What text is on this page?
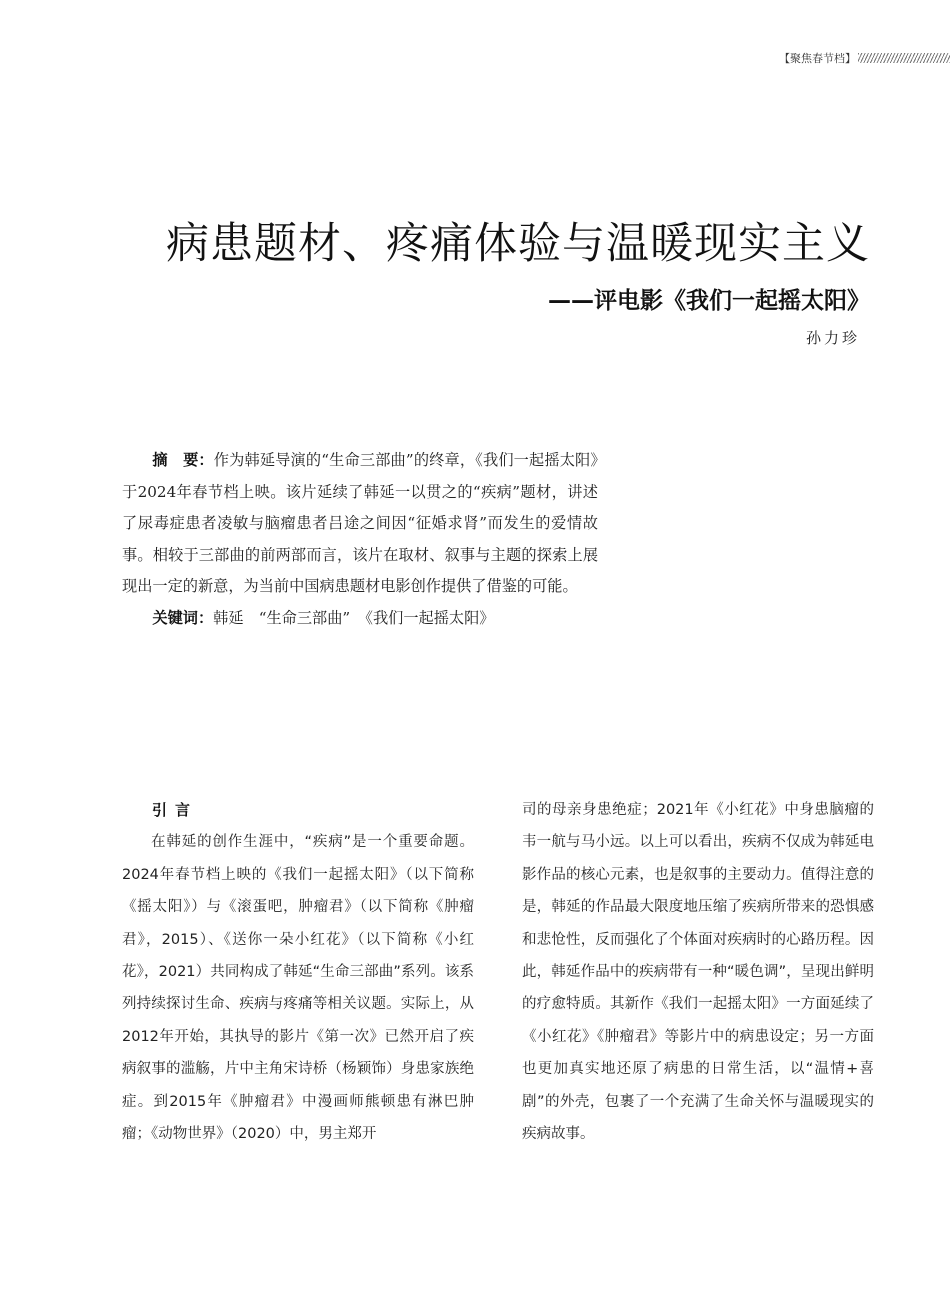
【聚焦春节档】
病患题材、疼痛体验与温暖现实主义
——评电影《我们一起摇太阳》
孙力珍

摘　要：作为韩延导演的“生命三部曲”的终章，《我们一起摇太阳》于2024年春节档上映。该片延续了韩延一以贯之的“疾病”题材，讲述了尿毒症患者凌敏与脑瘤患者吕途之间因“征婚求肾”而发生的爱情故事。相较于三部曲的前两部而言，该片在取材、叙事与主题的探索上展现出一定的新意，为当前中国病患题材电影创作提供了借鉴的可能。

关键词：韩延　“生命三部曲”　《我们一起摇太阳》

引言

在韩延的创作生涯中，“疾病”是一个重要命题。2024年春节档上映的《我们一起摇太阳》（以下简称《摇太阳》）与《滚蛋吧，肿瘤君》（以下简称《肿瘤君》，2015）、《送你一朵小红花》（以下简称《小红花》，2021）共同构成了韩延“生命三部曲”系列。该系列持续探讨生命、疾病与疼痛等相关议题。实际上，从2012年开始，其执导的影片《第一次》已然开启了疾病叙事的滥觞，片中主角宋诗桥（杨颖饰）身患家族绝症。到2015年《肿瘤君》中漫画师熊顿患有淋巴肿瘤；《动物世界》（2020）中，男主郑开

司的母亲身患绝症；2021年《小红花》中身患脑瘤的韦一航与马小远。以上可以看出，疾病不仅成为韩延电影作品的核心元素，也是叙事的主要动力。值得注意的是，韩延的作品最大限度地压缩了疾病所带来的恐惧感和悲怆性，反而强化了个体面对疾病时的心路历程。因此，韩延作品中的疾病带有一种“暖色调”，呈现出鲜明的疗愈特质。其新作《我们一起摇太阳》一方面延续了《小红花》《肿瘤君》等影片中的病患设定；另一方面也更加真实地还原了病患的日常生活，以“温情+喜剧”的外壳，包裹了一个充满了生命关怀与温暖现实的疾病故事。
